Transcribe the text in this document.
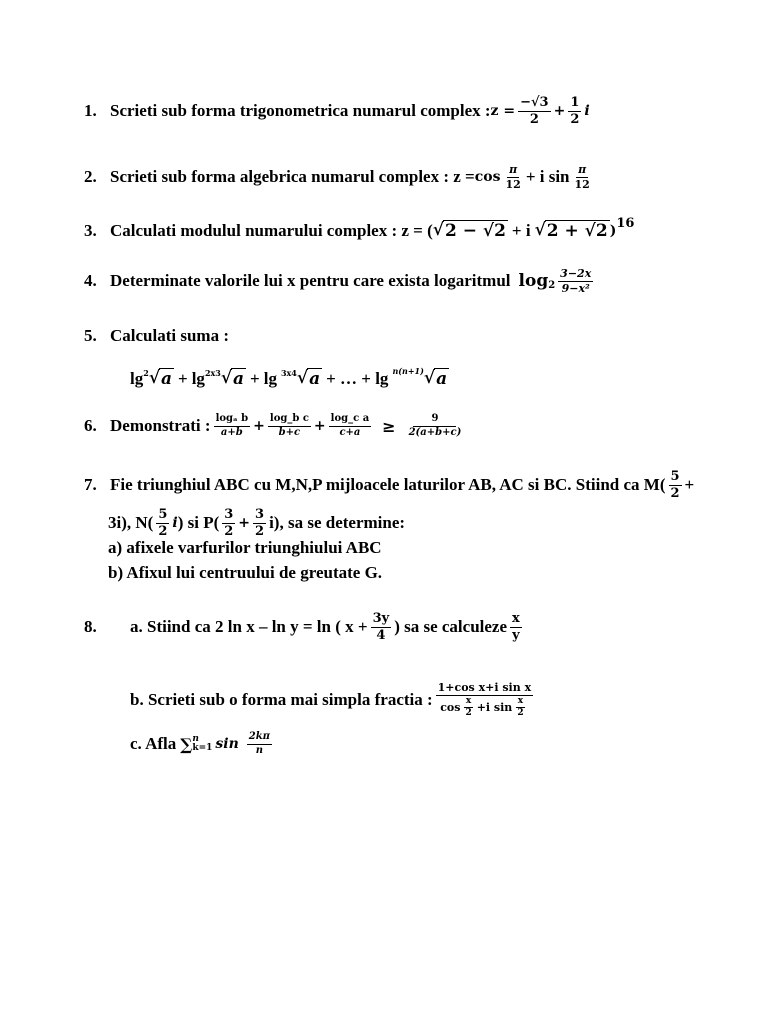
1. Scrieti sub forma trigonometrica numarul complex : $z = \frac{-√3}{2} + \frac{1}{2}$ i
2. Scrieti sub forma algebrica numarul complex : $z = \cos \frac{\pi}{12} + i$ $\sin \frac{\pi}{12}$
3. Calculati modulul numarului complex : z = ( √ 2 − √2 + i √ 2 + √2 ) 16
4. Determinate valorile lui x pentru care exista logaritmul $\log 2 \frac{3-2x}{\text{9−x²}}$
5. Calculati suma :
lg 2 √ a + lg 2x3 √ a + lg 3x4 √ a + … + lg n(n+1) √ a
6. Demonstrati : $\frac{\text{logₐ b}}{a+b} + \frac{\text{log\_b c}}{b+c} + \frac{\text{log\_c a}}{c+a} \ge \frac{9}{2(a+b+c)}$
7. Fie triunghiul ABC cu M,N,P mijloacele laturilor AB, AC si BC. Stiind ca $M( \frac{5}{2}$ +
3i), $N( \frac{5}{2}$ i ) si $P( \frac{3}{2} + \frac{3}{2} i)$, sa se determine:
a) afixele varfurilor triunghiului ABC
b) Afixul lui centruului de greutate G.
8.	a. Stiind ca 2 ln x – ln y = ln ( $x + \frac{3y}{4}$ ) sa se calculeze $\frac{x}{y}$
b. Scrieti sub o forma mai simpla fractia : $\frac{\text{1+cos x+i sin x}}{\cos \frac{x}{2} +i \sin \frac{x}{2}}$
c. Afla ∑ n
k=1 $\sin \frac{2k\pi}{n}$
